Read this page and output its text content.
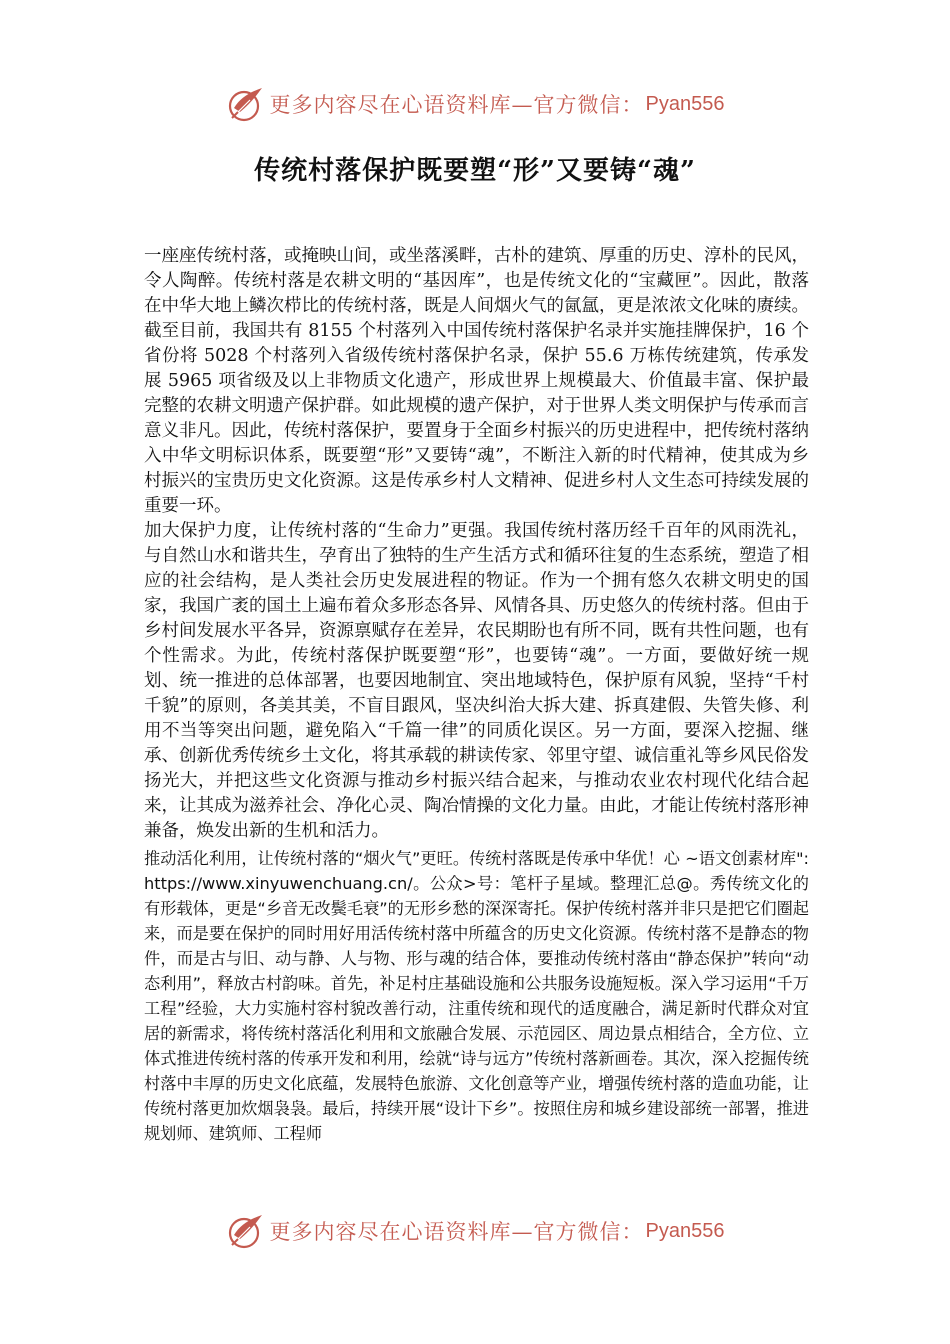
更多内容尽在心语资料库—官方微信： Pyan556
传统村落保护既要塑“形”又要铸“魂”

一座座传统村落，或掩映山间，或坐落溪畔，古朴的建筑、厚重的历史、淳朴的民风，令人陶醉。传统村落是农耕文明的“基因库”，也是传统文化的“宝藏匣”。因此，散落在中华大地上鳞次栉比的传统村落，既是人间烟火气的氤氲，更是浓浓文化味的赓续。截至目前，我国共有 8155 个村落列入中国传统村落保护名录并实施挂牌保护，16 个省份将 5028 个村落列入省级传统村落保护名录，保护 55.6 万栋传统建筑，传承发展 5965 项省级及以上非物质文化遗产，形成世界上规模最大、价值最丰富、保护最完整的农耕文明遗产保护群。如此规模的遗产保护，对于世界人类文明保护与传承而言意义非凡。因此，传统村落保护，要置身于全面乡村振兴的历史进程中，把传统村落纳入中华文明标识体系，既要塑“形”又要铸“魂”，不断注入新的时代精神，使其成为乡村振兴的宝贵历史文化资源。这是传承乡村人文精神、促进乡村人文生态可持续发展的重要一环。

加大保护力度，让传统村落的“生命力”更强。我国传统村落历经千百年的风雨洗礼，与自然山水和谐共生，孕育出了独特的生产生活方式和循环往复的生态系统，塑造了相应的社会结构，是人类社会历史发展进程的物证。作为一个拥有悠久农耕文明史的国家，我国广袤的国土上遍布着众多形态各异、风情各具、历史悠久的传统村落。但由于乡村间发展水平各异，资源禀赋存在差异，农民期盼也有所不同，既有共性问题，也有个性需求。为此，传统村落保护既要塑“形”，也要铸“魂”。一方面，要做好统一规划、统一推进的总体部署，也要因地制宜、突出地域特色，保护原有风貌，坚持“千村千貌”的原则，各美其美，不盲目跟风，坚决纠治大拆大建、拆真建假、失管失修、利用不当等突出问题，避免陷入“千篇一律”的同质化误区。另一方面，要深入挖掘、继承、创新优秀传统乡土文化，将其承载的耕读传家、邻里守望、诚信重礼等乡风民俗发扬光大，并把这些文化资源与推动乡村振兴结合起来，与推动农业农村现代化结合起来，让其成为滋养社会、净化心灵、陶冶情操的文化力量。由此，才能让传统村落形神兼备，焕发出新的生机和活力。

推动活化利用，让传统村落的“烟火气”更旺。传统村落既是传承中华优！心 ~语文创素材库": https://www.xinyuwenchuang.cn/。公众>号：笔杆子星域。整理汇总@。秀传统文化的有形载体，更是“乡音无改鬓毛衰”的无形乡愁的深深寄托。保护传统村落并非只是把它们圈起来，而是要在保护的同时用好用活传统村落中所蕴含的历史文化资源。传统村落不是静态的物件，而是古与旧、动与静、人与物、形与魂的结合体，要推动传统村落由“静态保护”转向“动态利用”，释放古村韵味。首先，补足村庄基础设施和公共服务设施短板。深入学习运用“千万工程”经验，大力实施村容村貌改善行动，注重传统和现代的适度融合，满足新时代群众对宜居的新需求，将传统村落活化利用和文旅融合发展、示范园区、周边景点相结合，全方位、立体式推进传统村落的传承开发和利用，绘就“诗与远方”传统村落新画卷。其次，深入挖掘传统村落中丰厚的历史文化底蕴，发展特色旅游、文化创意等产业，增强传统村落的造血功能，让传统村落更加炊烟袅袅。最后，持续开展“设计下乡”。按照住房和城乡建设部统一部署，推进规划师、建筑师、工程师

更多内容尽在心语资料库—官方微信： Pyan556
